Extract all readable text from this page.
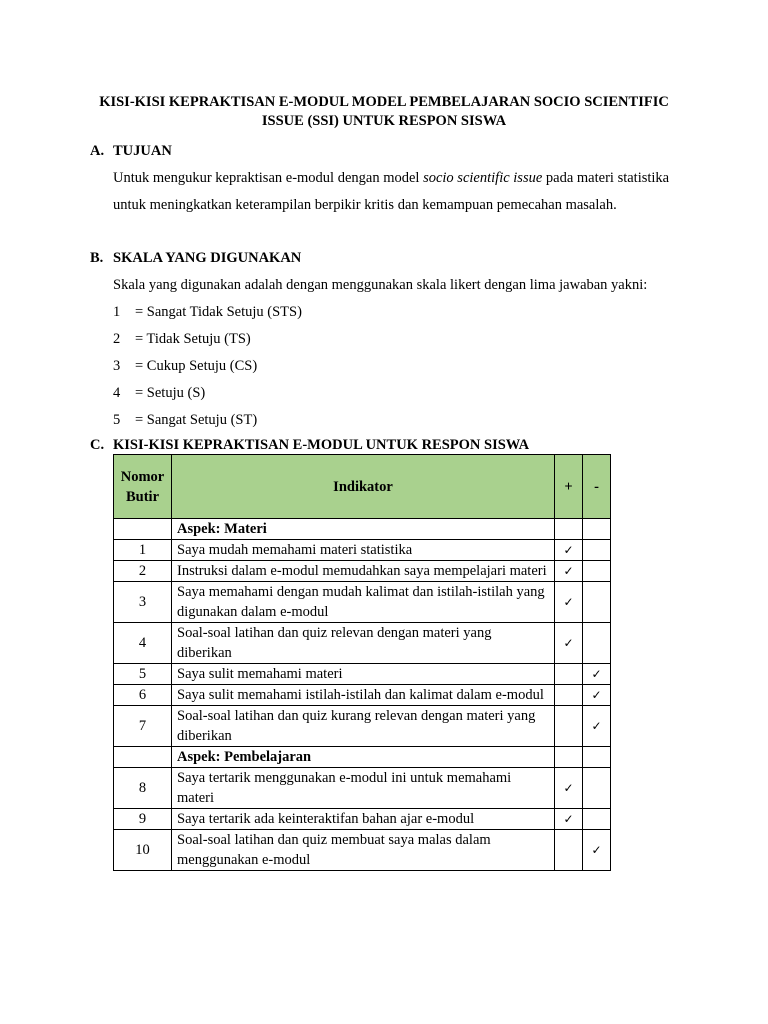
KISI-KISI KEPRAKTISAN E-MODUL MODEL PEMBELAJARAN SOCIO SCIENTIFIC ISSUE (SSI) UNTUK RESPON SISWA
A. TUJUAN
Untuk mengukur kepraktisan e-modul dengan model socio scientific issue pada materi statistika untuk meningkatkan keterampilan berpikir kritis dan kemampuan pemecahan masalah.
B. SKALA YANG DIGUNAKAN
Skala yang digunakan adalah dengan menggunakan skala likert dengan lima jawaban yakni:
1 = Sangat Tidak Setuju (STS)
2 = Tidak Setuju (TS)
3 = Cukup Setuju (CS)
4 = Setuju (S)
5 = Sangat Setuju (ST)
C. KISI-KISI KEPRAKTISAN E-MODUL UNTUK RESPON SISWA
Nomor Butir	Indikator	+	-
	Aspek: Materi		
1	Saya mudah memahami materi statistika	✓	
2	Instruksi dalam e-modul memudahkan saya mempelajari materi	✓	
3	Saya memahami dengan mudah kalimat dan istilah-istilah yang digunakan dalam e-modul	✓	
4	Soal-soal latihan dan quiz relevan dengan materi yang diberikan	✓	
5	Saya sulit memahami materi		✓
6	Saya sulit memahami istilah-istilah dan kalimat dalam e-modul		✓
7	Soal-soal latihan dan quiz kurang relevan dengan materi yang diberikan		✓
	Aspek: Pembelajaran		
8	Saya tertarik menggunakan e-modul ini untuk memahami materi	✓	
9	Saya tertarik ada keinteraktifan bahan ajar e-modul	✓	
10	Soal-soal latihan dan quiz membuat saya malas dalam menggunakan e-modul		✓
